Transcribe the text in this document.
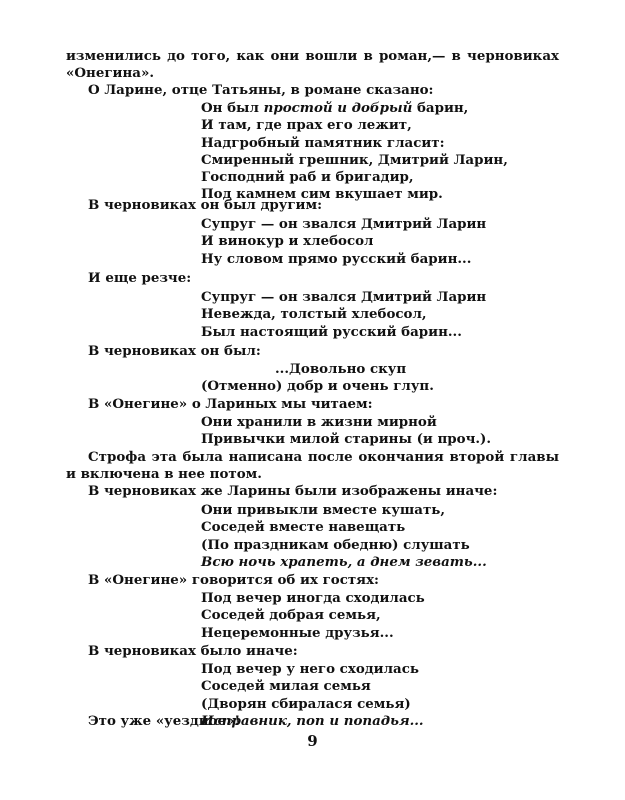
изменились до того, как они вошли в роман,— в черновиках
«Онегина».
О Ларине, отце Татьяны, в романе сказано:
Он был простой и добрый барин,
И там, где прах его лежит,
Надгробный памятник гласит:
Смиренный грешник, Дмитрий Ларин,
Господний раб и бригадир,
Под камнем сим вкушает мир.
В черновиках он был другим:
Супруг — он звался Дмитрий Ларин
И винокур и хлебосол
Ну словом прямо русский барин...
И еще резче:
Супруг — он звался Дмитрий Ларин
Невежда, толстый хлебосол,
Был настоящий русский барин...
В черновиках он был:
...Довольно скуп
(Отменно) добр и очень глуп.
В «Онегине» о Лариных мы читаем:
Они хранили в жизни мирной
Привычки милой старины (и проч.).
Строфа эта была написана после окончания второй главы
и включена в нее потом.
В черновиках же Ларины были изображены иначе:
Они привыкли вместе кушать,
Соседей вместе навещать
(По праздникам обедню) слушать
Всю ночь храпеть, а днем зевать...
В «Онегине» говорится об их гостях:
Под вечер иногда сходилась
Соседей добрая семья,
Нецеремонные друзья...
В черновиках было иначе:
Под вечер у него сходилась
Соседей милая семья
(Дворян сбиралася семья)
Исправник, поп и попадья...
Это уже «уездное»!
9
